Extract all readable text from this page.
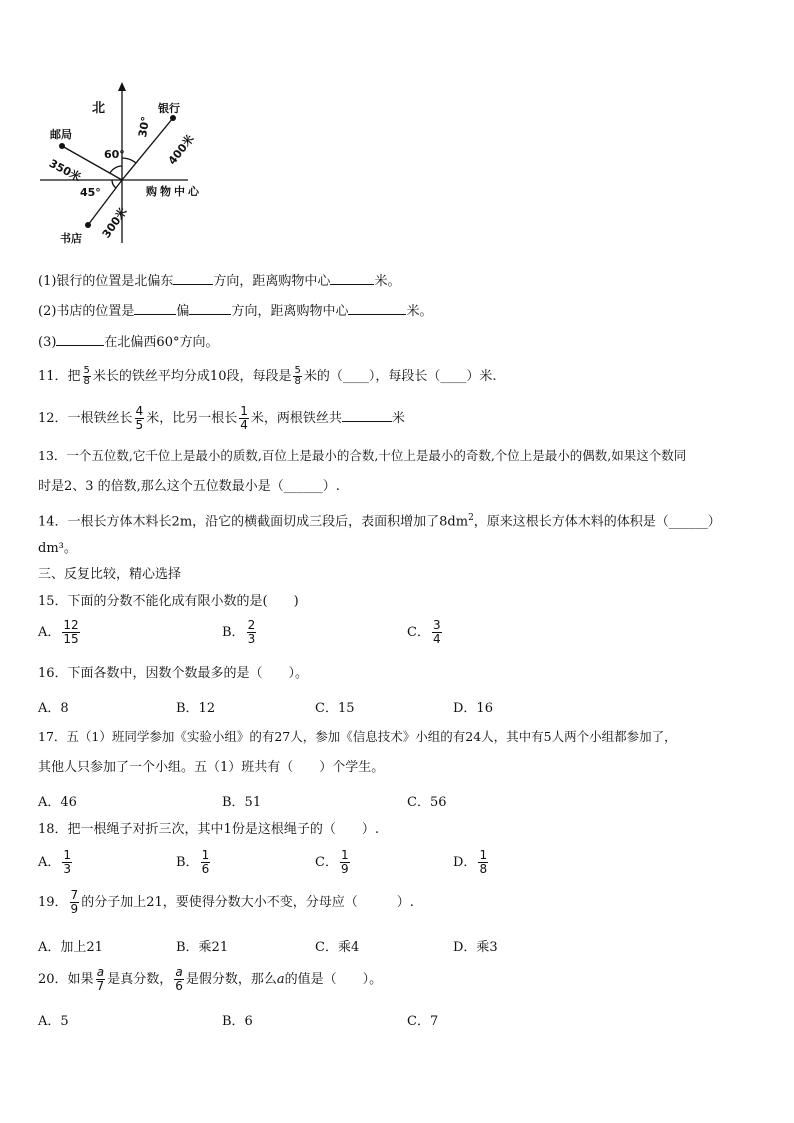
北	银行
邮局
书店
购物中心
30°
60°
45°
400米
350米
300米
(1)银行的位置是北偏东	方向，距离购物中心	米。
(2)书店的位置是	偏	方向，距离购物中心	米。
(3)	在北偏西60°方向。
11．把 $\frac{5}{8}$ 米长的铁丝平均分成10段，每段是 $\frac{5}{8}$ 米的（____），每段长（____）米.
12．一根铁丝长 $\frac{4}{5}$ 米，比另一根长 $\frac{1}{4}$ 米，两根铁丝共	米
13．一个五位数,它千位上是最小的质数,百位上是最小的合数,十位上是最小的奇数,个位上是最小的偶数,如果这个数同
时是2、3 的倍数,那么这个五位数最小是（______）.
14．一根长方体木料长2m，沿它的横截面切成三段后，表面积增加了$8dm^2$，原来这根长方体木料的体积是（______）
dm³。
三、反复比较，精心选择
15．下面的分数不能化成有限小数的是(　　)
A． $\frac{12}{15}$	B． $\frac{2}{3}$	C． $\frac{3}{4}$
16．下面各数中，因数个数最多的是（　　）。
A．8	B．12	C．15	D．16
17．五（1）班同学参加《实验小组》的有27人，参加《信息技术》小组的有24人，其中有5人两个小组都参加了，
其他人只参加了一个小组。五（1）班共有（　　）个学生。
A．46	B．51	C．56
18．把一根绳子对折三次，其中1份是这根绳子的（　　）.
A． $\frac{1}{3}$	B． $\frac{1}{6}$	C． $\frac{1}{9}$	D． $\frac{1}{8}$
19． $\frac{7}{9}$ 的分子加上21，要使得分数大小不变，分母应（　　　）.
A．加上21	B．乘21	C．乘4	D．乘3
20．如果 $\frac{a}{7}$ 是真分数， $\frac{a}{6}$ 是假分数，那么a的值是（　　）。
A．5	B．6	C．7
